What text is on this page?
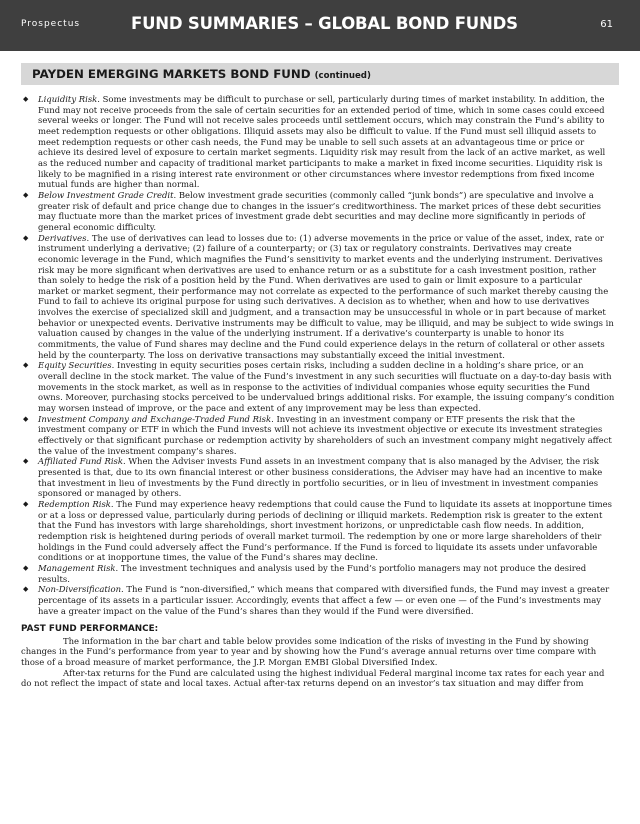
Prospectus	FUND SUMMARIES – GLOBAL BOND FUNDS	61
PAYDEN EMERGING MARKETS BOND FUND (continued)

◆ Liquidity Risk. Some investments may be difficult to purchase or sell, particularly during times of market instability. In addition, the Fund may not receive proceeds from the sale of certain securities for an extended period of time, which in some cases could exceed several weeks or longer. The Fund will not receive sales proceeds until settlement occurs, which may constrain the Fund’s ability to meet redemption requests or other obligations. Illiquid assets may also be difficult to value. If the Fund must sell illiquid assets to meet redemption requests or other cash needs, the Fund may be unable to sell such assets at an advantageous time or price or achieve its desired level of exposure to certain market segments. Liquidity risk may result from the lack of an active market, as well as the reduced number and capacity of traditional market participants to make a market in fixed income securities. Liquidity risk is likely to be magnified in a rising interest rate environment or other circumstances where investor redemptions from fixed income mutual funds are higher than normal.

◆ Below Investment Grade Credit. Below investment grade securities (commonly called “junk bonds”) are speculative and involve a greater risk of default and price change due to changes in the issuer’s creditworthiness. The market prices of these debt securities may fluctuate more than the market prices of investment grade debt securities and may decline more significantly in periods of general economic difficulty.

◆ Derivatives. The use of derivatives can lead to losses due to: (1) adverse movements in the price or value of the asset, index, rate or instrument underlying a derivative; (2) failure of a counterparty; or (3) tax or regulatory constraints. Derivatives may create economic leverage in the Fund, which magnifies the Fund’s sensitivity to market events and the underlying instrument. Derivatives risk may be more significant when derivatives are used to enhance return or as a substitute for a cash investment position, rather than solely to hedge the risk of a position held by the Fund. When derivatives are used to gain or limit exposure to a particular market or market segment, their performance may not correlate as expected to the performance of such market thereby causing the Fund to fail to achieve its original purpose for using such derivatives. A decision as to whether, when and how to use derivatives involves the exercise of specialized skill and judgment, and a transaction may be unsuccessful in whole or in part because of market behavior or unexpected events. Derivative instruments may be difficult to value, may be illiquid, and may be subject to wide swings in valuation caused by changes in the value of the underlying instrument. If a derivative’s counterparty is unable to honor its commitments, the value of Fund shares may decline and the Fund could experience delays in the return of collateral or other assets held by the counterparty. The loss on derivative transactions may substantially exceed the initial investment.

◆ Equity Securities. Investing in equity securities poses certain risks, including a sudden decline in a holding’s share price, or an overall decline in the stock market. The value of the Fund’s investment in any such securities will fluctuate on a day-to-day basis with movements in the stock market, as well as in response to the activities of individual companies whose equity securities the Fund owns. Moreover, purchasing stocks perceived to be undervalued brings additional risks. For example, the issuing company’s condition may worsen instead of improve, or the pace and extent of any improvement may be less than expected.

◆ Investment Company and Exchange-Traded Fund Risk. Investing in an investment company or ETF presents the risk that the investment company or ETF in which the Fund invests will not achieve its investment objective or execute its investment strategies effectively or that significant purchase or redemption activity by shareholders of such an investment company might negatively affect the value of the investment company’s shares.

◆ Affiliated Fund Risk. When the Adviser invests Fund assets in an investment company that is also managed by the Adviser, the risk presented is that, due to its own financial interest or other business considerations, the Adviser may have had an incentive to make that investment in lieu of investments by the Fund directly in portfolio securities, or in lieu of investment in investment companies sponsored or managed by others.

◆ Redemption Risk. The Fund may experience heavy redemptions that could cause the Fund to liquidate its assets at inopportune times or at a loss or depressed value, particularly during periods of declining or illiquid markets. Redemption risk is greater to the extent that the Fund has investors with large shareholdings, short investment horizons, or unpredictable cash flow needs. In addition, redemption risk is heightened during periods of overall market turmoil. The redemption by one or more large shareholders of their holdings in the Fund could adversely affect the Fund’s performance. If the Fund is forced to liquidate its assets under unfavorable conditions or at inopportune times, the value of the Fund’s shares may decline.

◆ Management Risk. The investment techniques and analysis used by the Fund’s portfolio managers may not produce the desired results.

◆ Non-Diversification. The Fund is “non-diversified,” which means that compared with diversified funds, the Fund may invest a greater percentage of its assets in a particular issuer. Accordingly, events that affect a few — or even one — of the Fund’s investments may have a greater impact on the value of the Fund’s shares than they would if the Fund were diversified.

PAST FUND PERFORMANCE:

The information in the bar chart and table below provides some indication of the risks of investing in the Fund by showing changes in the Fund’s performance from year to year and by showing how the Fund’s average annual returns over time compare with those of a broad measure of market performance, the J.P. Morgan EMBI Global Diversified Index.

After-tax returns for the Fund are calculated using the highest individual Federal marginal income tax rates for each year and do not reflect the impact of state and local taxes. Actual after-tax returns depend on an investor’s tax situation and may differ from
